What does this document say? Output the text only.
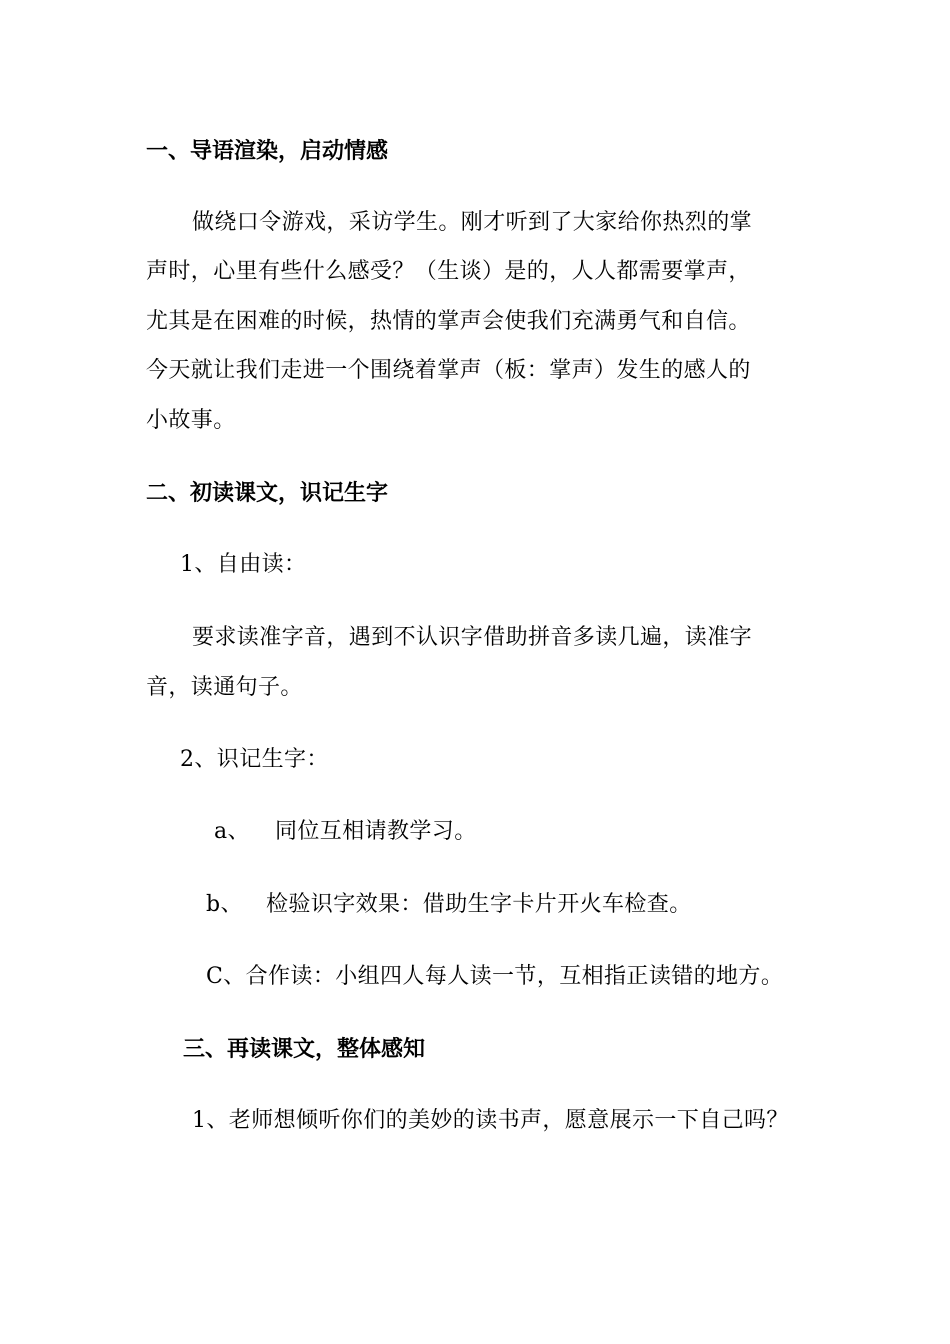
一、导语渲染，启动情感
做绕口令游戏，采访学生。刚才听到了大家给你热烈的掌
声时，心里有些什么感受？（生谈）是的，人人都需要掌声，
尤其是在困难的时候，热情的掌声会使我们充满勇气和自信。
今天就让我们走进一个围绕着掌声（板：掌声）发生的感人的
小故事。
二、初读课文，识记生字
1、自由读：
要求读准字音，遇到不认识字借助拼音多读几遍，读准字
音，读通句子。
2、识记生字：
a、 同位互相请教学习。
b、 检验识字效果：借助生字卡片开火车检查。
C、合作读：小组四人每人读一节，互相指正读错的地方。
三、再读课文，整体感知
1、老师想倾听你们的美妙的读书声，愿意展示一下自己吗？
